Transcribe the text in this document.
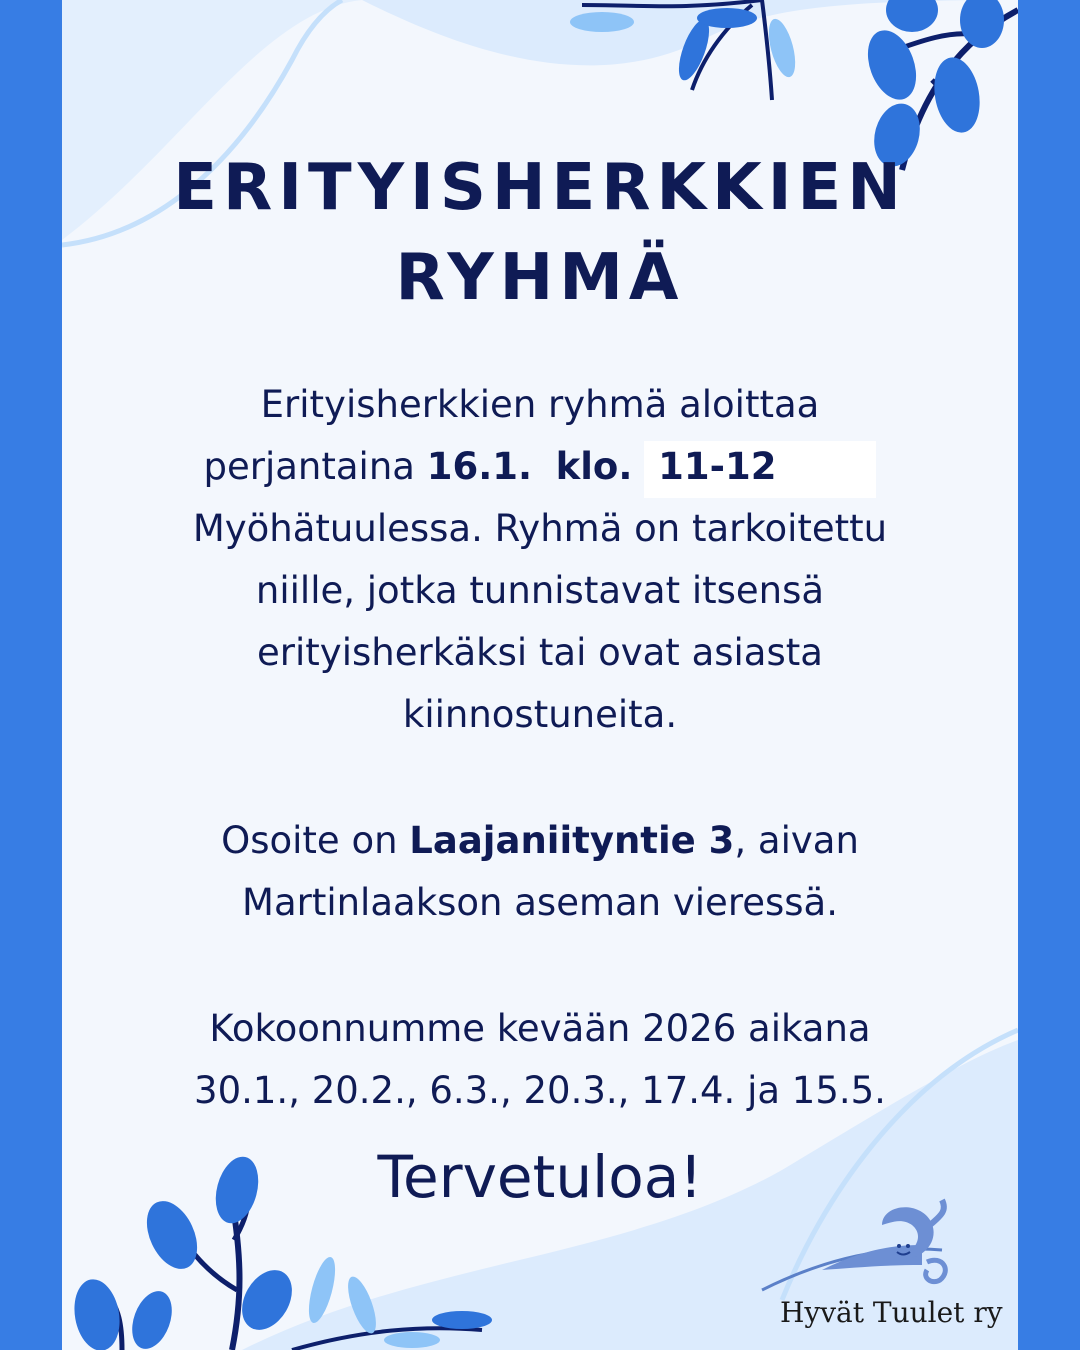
ERITYISHERKKIEN
RYHMÄ
Erityisherkkien ryhmä aloittaa
perjantaina 16.1. klo. 11-12
Myöhätuulessa. Ryhmä on tarkoitettu
niille, jotka tunnistavat itsensä
erityisherkäksi tai ovat asiasta
kiinnostuneita.
Osoite on Laajaniityntie 3, aivan
Martinlaakson aseman vieressä.
Kokoonnumme kevään 2026 aikana
30.1., 20.2., 6.3., 20.3., 17.4. ja 15.5.
Tervetuloa!
Hyvät Tuulet ry
